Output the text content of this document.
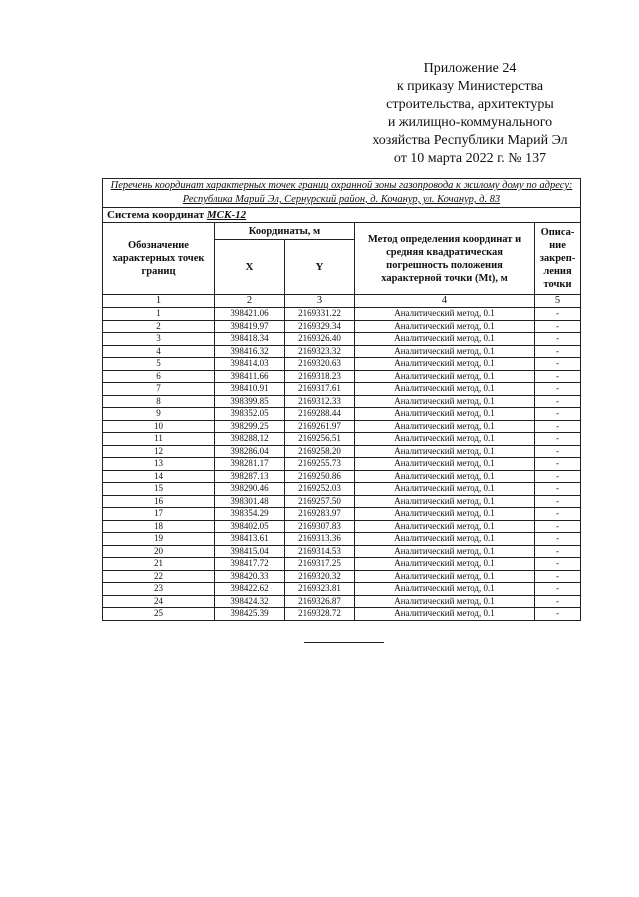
Приложение 24
к приказу Министерства
строительства, архитектуры
и жилищно-коммунального
хозяйства Республики Марий Эл
от 10 марта 2022 г. № 137
Перечень координат характерных точек границ охранной зоны газопровода к жилому дому по адресу: Республика Марий Эл, Сернурский район, д. Кочанур, ул. Кочанур, д. 83				
Система координат МСК-12				
Обозначение характерных точек границ	Координаты, м		Метод определения координат и средняя квадратическая погрешность положения характерной точки (Mt), м	Описа-ние закреп-ления точки
	X	Y		
1	2	3	4	5
1	398421.06	2169331.22	Аналитический метод, 0.1	-
2	398419.97	2169329.34	Аналитический метод, 0.1	-
3	398418.34	2169326.40	Аналитический метод, 0.1	-
4	398416.32	2169323.32	Аналитический метод, 0.1	-
5	398414.03	2169320.63	Аналитический метод, 0.1	-
6	398411.66	2169318.23	Аналитический метод, 0.1	-
7	398410.91	2169317.61	Аналитический метод, 0.1	-
8	398399.85	2169312.33	Аналитический метод, 0.1	-
9	398352.05	2169288.44	Аналитический метод, 0.1	-
10	398299.25	2169261.97	Аналитический метод, 0.1	-
11	398288.12	2169256.51	Аналитический метод, 0.1	-
12	398286.04	2169258.20	Аналитический метод, 0.1	-
13	398281.17	2169255.73	Аналитический метод, 0.1	-
14	398287.13	2169250.86	Аналитический метод, 0.1	-
15	398290.46	2169252.03	Аналитический метод, 0.1	-
16	398301.48	2169257.50	Аналитический метод, 0.1	-
17	398354.29	2169283.97	Аналитический метод, 0.1	-
18	398402.05	2169307.83	Аналитический метод, 0.1	-
19	398413.61	2169313.36	Аналитический метод, 0.1	-
20	398415.04	2169314.53	Аналитический метод, 0.1	-
21	398417.72	2169317.25	Аналитический метод, 0.1	-
22	398420.33	2169320.32	Аналитический метод, 0.1	-
23	398422.62	2169323.81	Аналитический метод, 0.1	-
24	398424.32	2169326.87	Аналитический метод, 0.1	-
25	398425.39	2169328.72	Аналитический метод, 0.1	-
